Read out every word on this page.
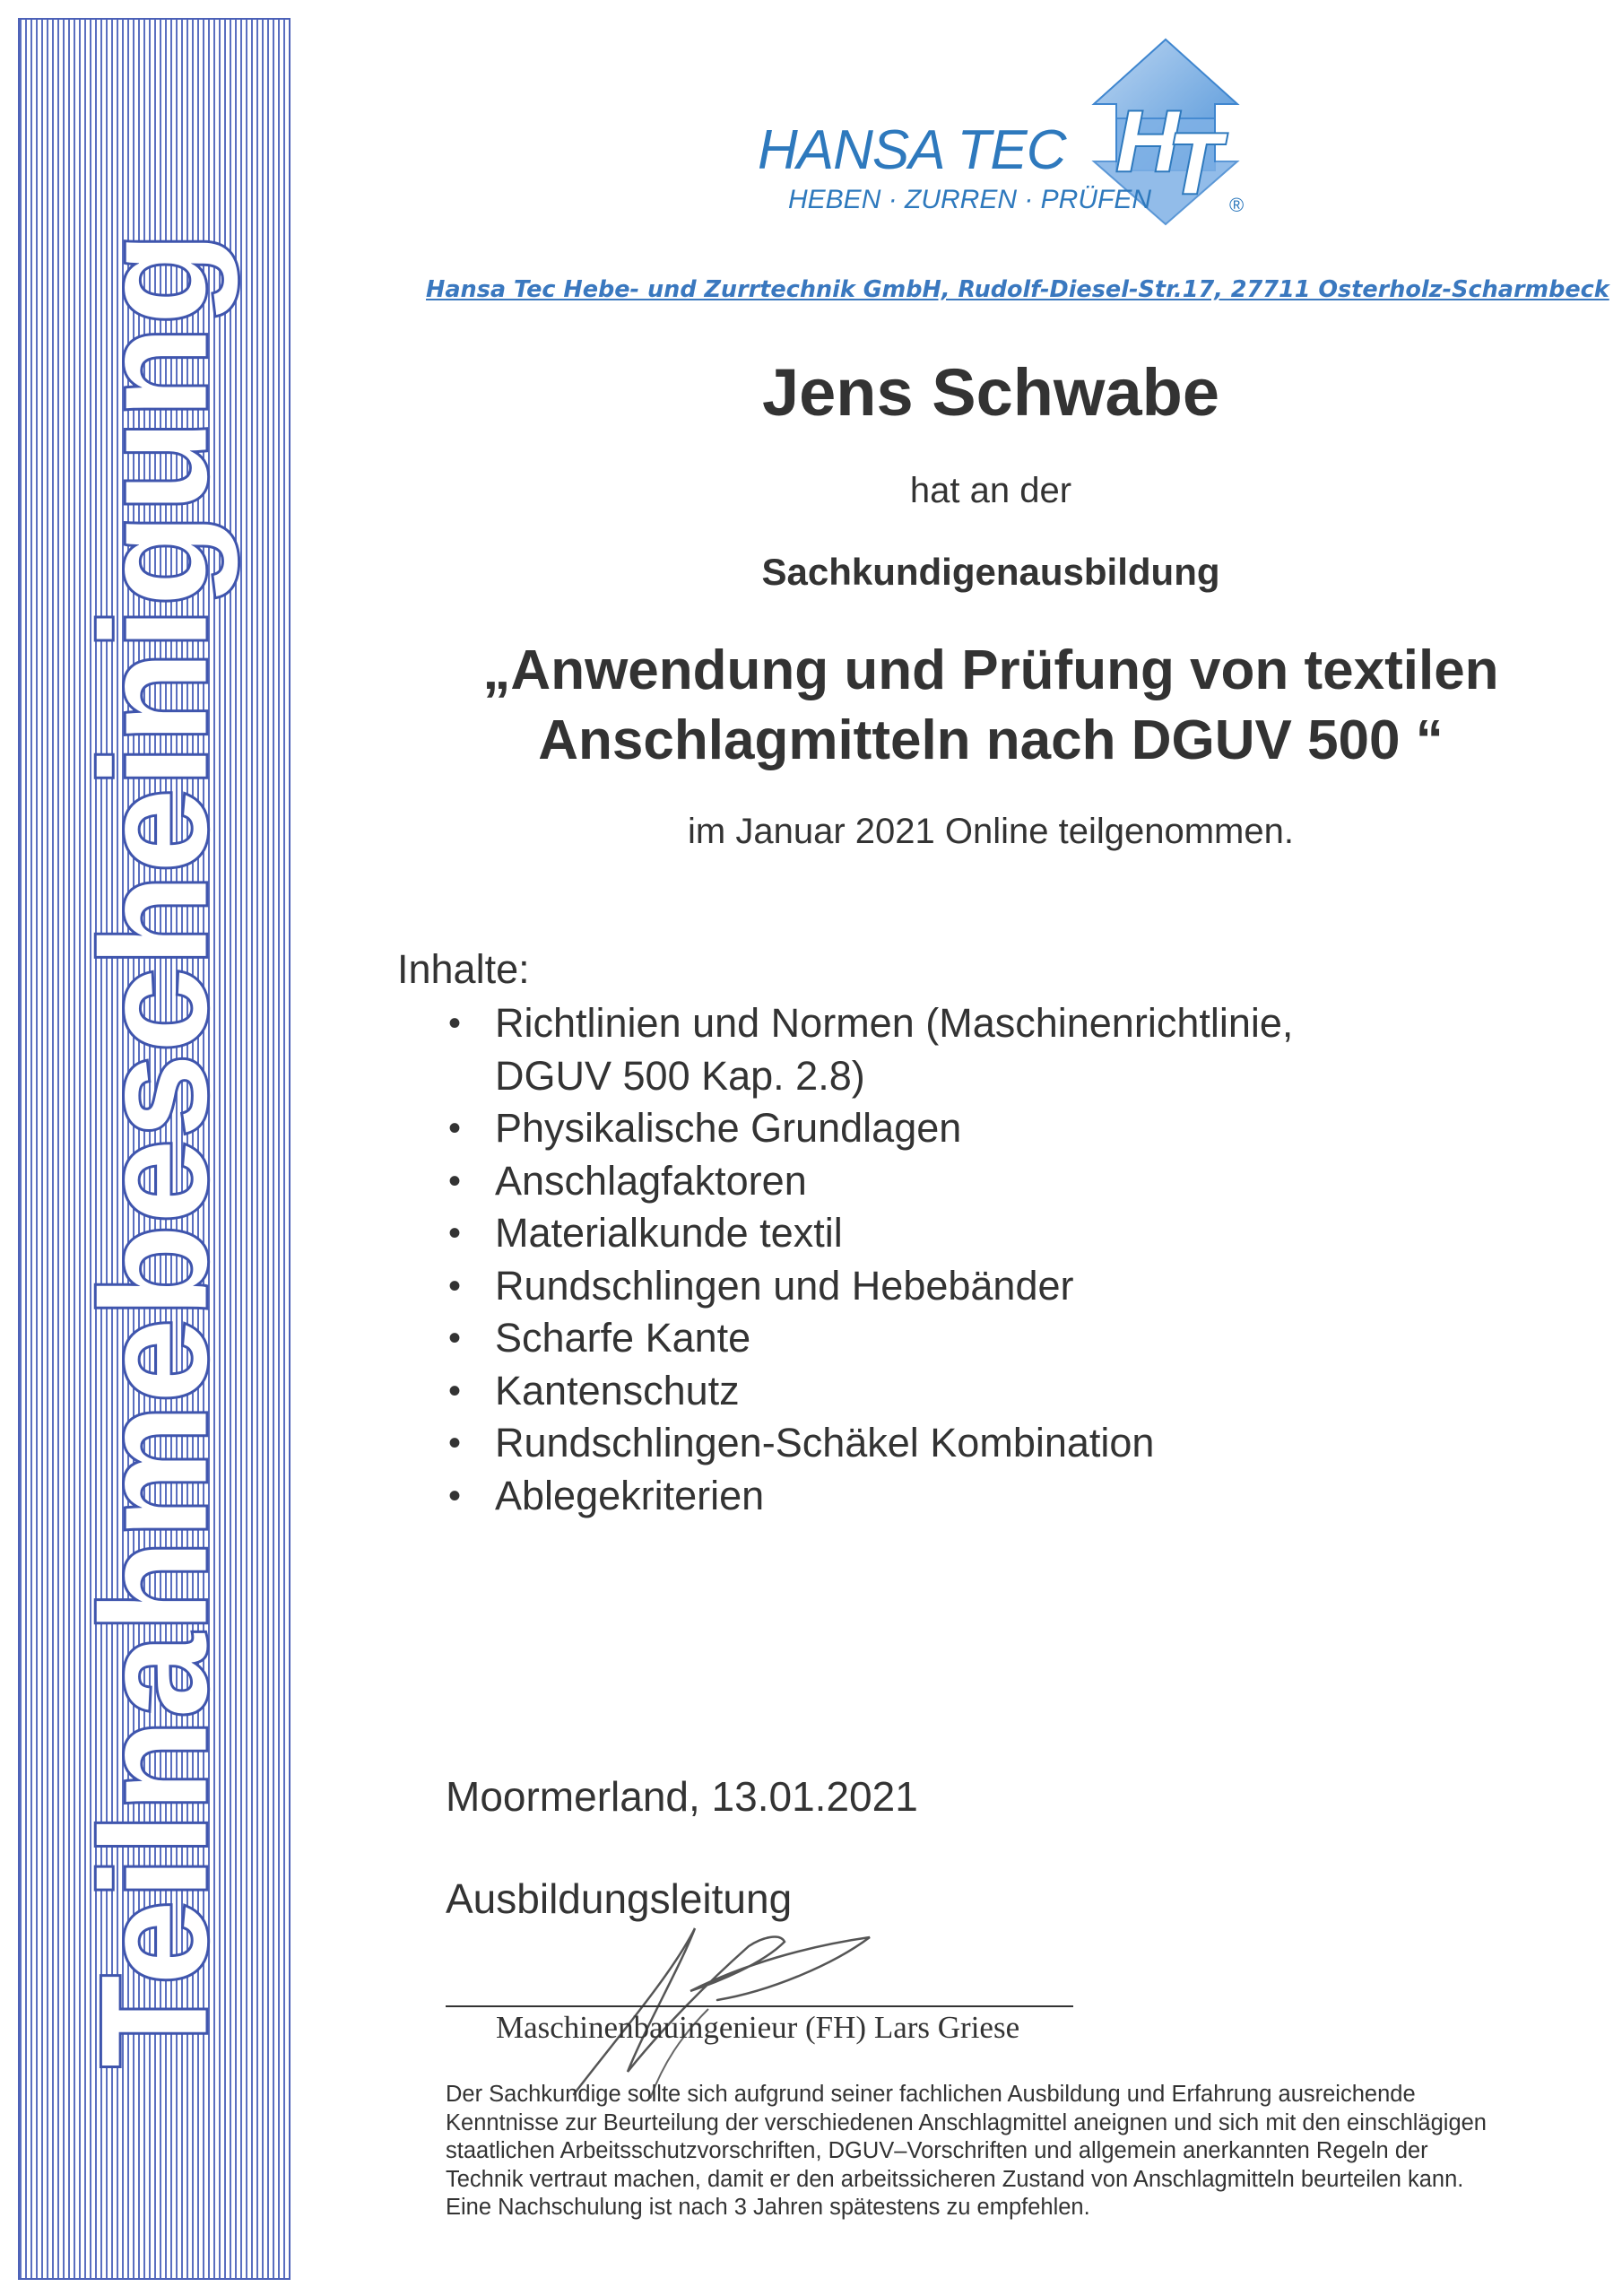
Teilnahmebescheinigung
H
T
HANSA TEC
HEBEN · ZURREN · PRÜFEN	®
Hansa Tec Hebe- und Zurrtechnik GmbH, Rudolf-Diesel-Str.17, 27711 Osterholz-Scharmbeck
Jens Schwabe
hat an der
Sachkundigenausbildung
„Anwendung und Prüfung von textilen
Anschlagmitteln nach DGUV 500 “
im Januar 2021 Online teilgenommen.
Inhalte:
• Richtlinien und Normen (Maschinenrichtlinie,
DGUV 500 Kap. 2.8)
• Physikalische Grundlagen
• Anschlagfaktoren
• Materialkunde textil
• Rundschlingen und Hebebänder
• Scharfe Kante
• Kantenschutz
• Rundschlingen-Schäkel Kombination
• Ablegekriterien
Moormerland, 13.01.2021
Ausbildungsleitung
Maschinenbauingenieur (FH) Lars Griese
Der Sachkundige sollte sich aufgrund seiner fachlichen Ausbildung und Erfahrung ausreichende
Kenntnisse zur Beurteilung der verschiedenen Anschlagmittel aneignen und sich mit den einschlägigen
staatlichen Arbeitsschutzvorschriften, DGUV–Vorschriften und allgemein anerkannten Regeln der
Technik vertraut machen, damit er den arbeitssicheren Zustand von Anschlagmitteln beurteilen kann.
Eine Nachschulung ist nach 3 Jahren spätestens zu empfehlen.
